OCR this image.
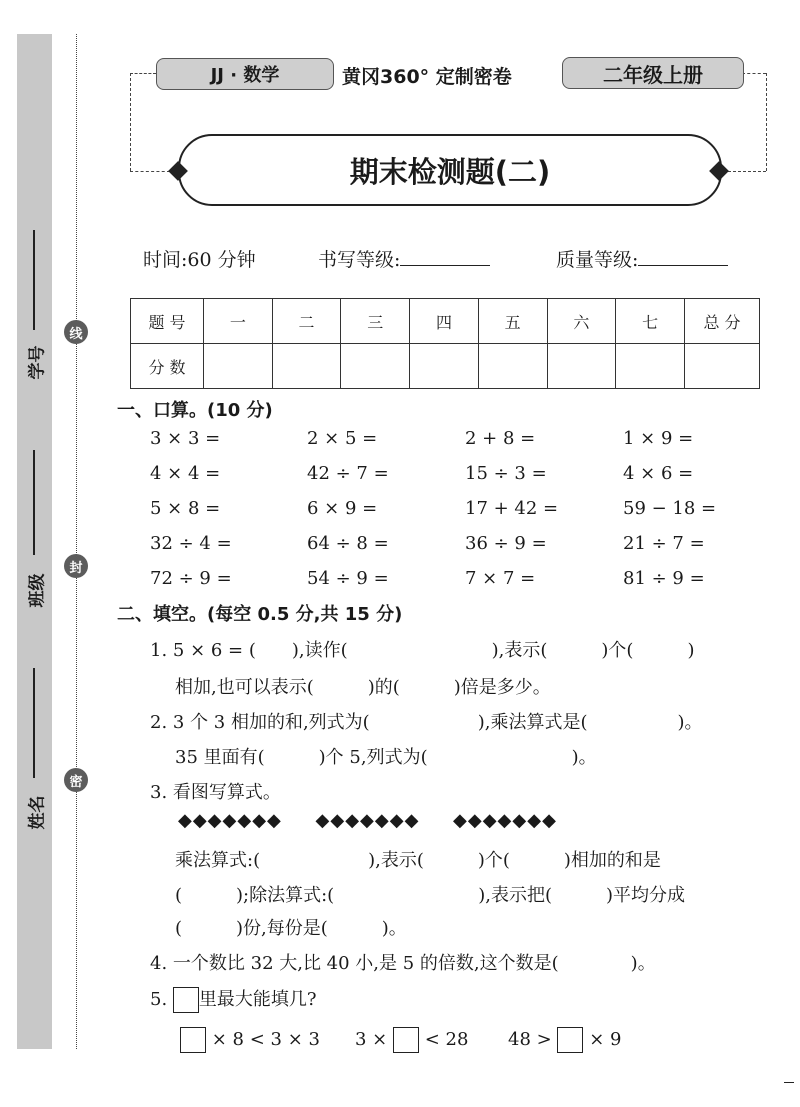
学号
班级
姓名
线
封
密
JJ · 数学	黄冈360° 定制密卷	二年级上册
期末检测题(二)
时间:60 分钟	书写等级:	质量等级:
题 号	一	二	三	四	五	六	七	总 分
分 数								
一、口算。(10 分)
3 × 3 =	2 × 5 =	2 + 8 =	1 × 9 =
4 × 4 =	42 ÷ 7 =	15 ÷ 3 =	4 × 6 =
5 × 8 =	6 × 9 =	17 + 42 =	59 − 18 =
32 ÷ 4 =	64 ÷ 8 =	36 ÷ 9 =	21 ÷ 7 =
72 ÷ 9 =	54 ÷ 9 =	7 × 7 =	81 ÷ 9 =
二、填空。(每空 0.5 分,共 15 分)
1. 5 × 6 = (　　),读作(　　　　　　　　),表示(　　　)个(　　　)
相加,也可以表示(　　　)的(　　　)倍是多少。
2. 3 个 3 相加的和,列式为(　　　　　　),乘法算式是(　　　　　)。
35 里面有(　　　)个 5,列式为(　　　　　　　　)。
3. 看图写算式。
◆◆◆◆◆◆◆ ◆◆◆◆◆◆◆ ◆◆◆◆◆◆◆
乘法算式:(　　　　　　),表示(　　　)个(　　　)相加的和是
(　　　);除法算式:(　　　　　　　　),表示把(　　　)平均分成
(　　　)份,每份是(　　　)。
4. 一个数比 32 大,比 40 小,是 5 的倍数,这个数是(　　　　)。
5. 里最大能填几?
× 8 < 3 × 3 3 × < 28 48 > × 9
